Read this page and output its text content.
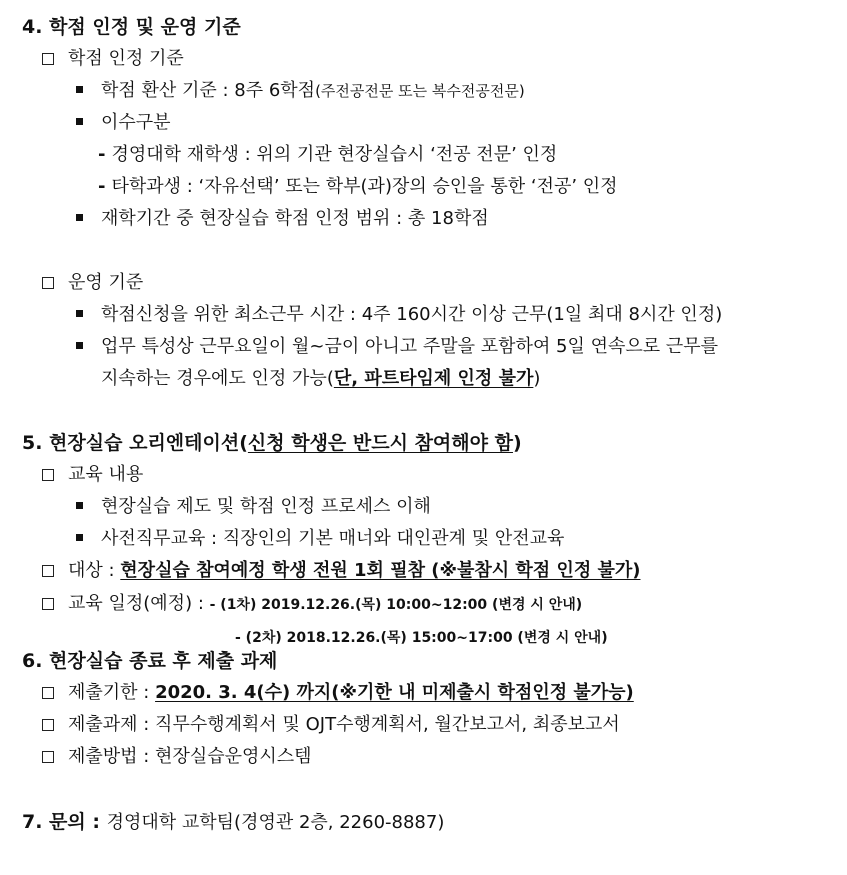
4. 학점 인정 및 운영 기준
학점 인정 기준
학점 환산 기준 : 8주 6학점(주전공전문 또는 복수전공전문)
이수구분
- 경영대학 재학생 : 위의 기관 현장실습시 ‘전공 전문’ 인정
- 타학과생 : ‘자유선택’ 또는 학부(과)장의 승인을 통한 ‘전공’ 인정
재학기간 중 현장실습 학점 인정 범위 : 총 18학점
운영 기준
학점신청을 위한 최소근무 시간 : 4주 160시간 이상 근무(1일 최대 8시간 인정)
업무 특성상 근무요일이 월~금이 아니고 주말을 포함하여 5일 연속으로 근무를
지속하는 경우에도 인정 가능(단, 파트타임제 인정 불가)
5. 현장실습 오리엔테이션(신청 학생은 반드시 참여해야 함)
교육 내용
현장실습 제도 및 학점 인정 프로세스 이해
사전직무교육 : 직장인의 기본 매너와 대인관계 및 안전교육
대상 : 현장실습 참여예정 학생 전원 1회 필참 (※불참시 학점 인정 불가)
교육 일정(예정) : - (1차) 2019.12.26.(목) 10:00~12:00 (변경 시 안내)
- (2차) 2018.12.26.(목) 15:00~17:00 (변경 시 안내)
6. 현장실습 종료 후 제출 과제
제출기한 : 2020. 3. 4(수) 까지(※기한 내 미제출시 학점인정 불가능)
제출과제 : 직무수행계획서 및 OJT수행계획서, 월간보고서, 최종보고서
제출방법 : 현장실습운영시스템
7. 문의 : 경영대학 교학팀(경영관 2층, 2260-8887)
